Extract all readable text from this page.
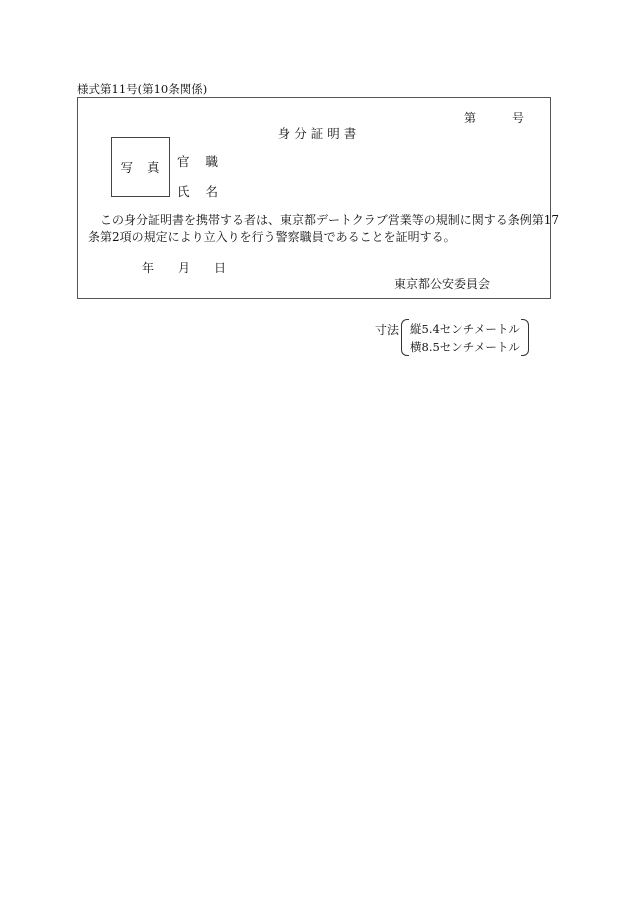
様式第11号(第10条関係)
第	号
身分証明書
写 真 官 職
氏 名
この身分証明書を携帯する者は、東京都デートクラブ営業等の規制に関する条例第17
条第2項の規定により立入りを行う警察職員であることを証明する。
年 月 日
東京都公安委員会
寸法 縦5.4センチメートル
横8.5センチメートル
